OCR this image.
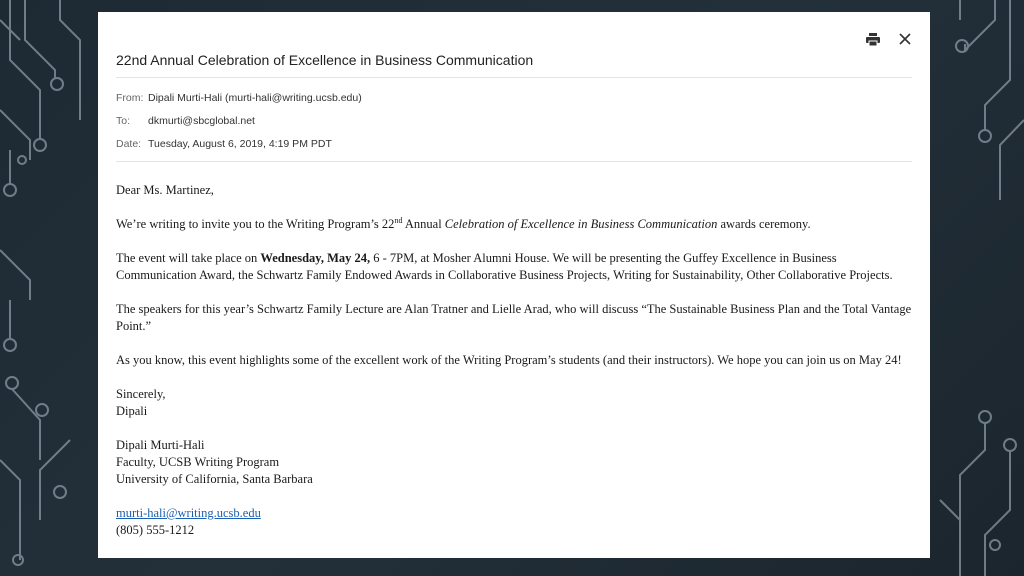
22nd Annual Celebration of Excellence in Business Communication
From: Dipali Murti-Hali (murti-hali@writing.ucsb.edu)
To:	dkmurti@sbcglobal.net
Date: Tuesday, August 6, 2019, 4:19 PM PDT

Dear Ms. Martinez,

We’re writing to invite you to the Writing Program’s 22nd Annual Celebration of Excellence in Business Communication awards ceremony.

The event will take place on Wednesday, May 24, 6 - 7PM, at Mosher Alumni House. We will be presenting the Guffey Excellence in Business Communication Award, the Schwartz Family Endowed Awards in Collaborative Business Projects, Writing for Sustainability, Other Collaborative Projects.

The speakers for this year’s Schwartz Family Lecture are Alan Tratner and Lielle Arad, who will discuss “The Sustainable Business Plan and the Total Vantage Point.”

As you know, this event highlights some of the excellent work of the Writing Program’s students (and their instructors). We hope you can join us on May 24!

Sincerely,

Dipali

Dipali Murti-Hali

Faculty, UCSB Writing Program

University of California, Santa Barbara

murti-hali@writing.ucsb.edu

(805) 555-1212
